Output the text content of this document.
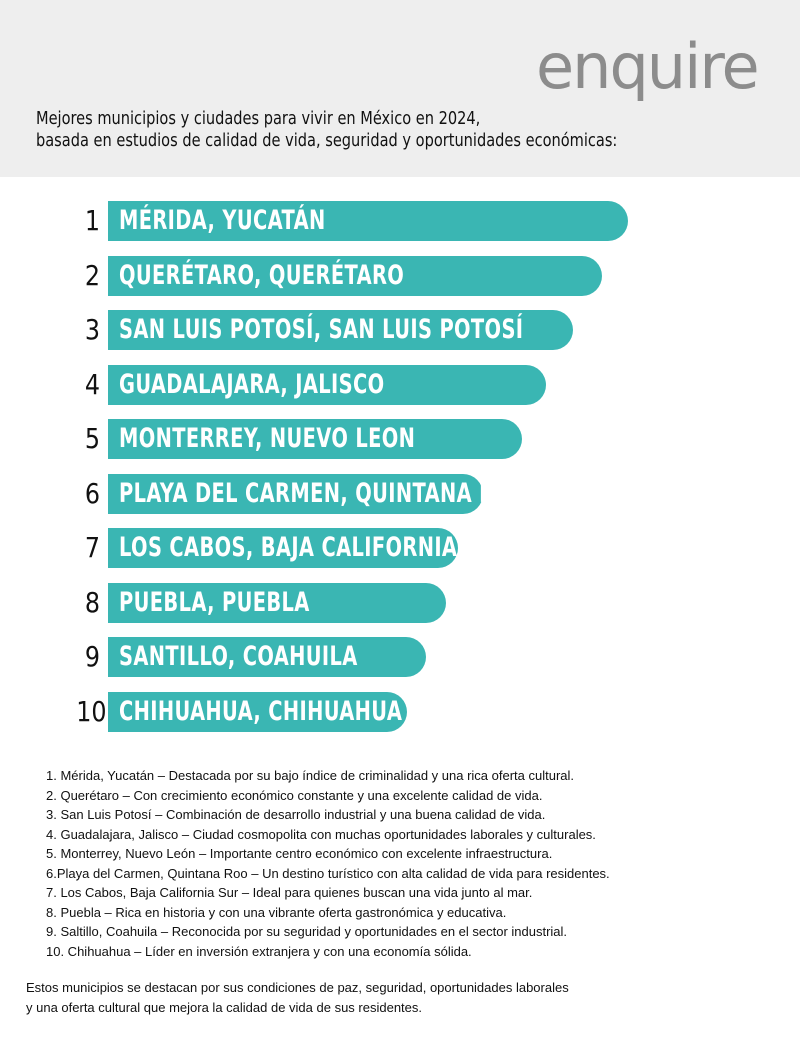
enquire
Mejores municipios y ciudades para vivir en México en 2024,
basada en estudios de calidad de vida, seguridad y oportunidades económicas:
1 MÉRIDA, YUCATÁN
2 QUERÉTARO, QUERÉTARO
3 SAN LUIS POTOSÍ, SAN LUIS POTOSÍ
4 GUADALAJARA, JALISCO
5 MONTERREY, NUEVO LEON
6 PLAYA DEL CARMEN, QUINTANA ROO
7 LOS CABOS, BAJA CALIFORNIA SUR
8 PUEBLA, PUEBLA
9 SANTILLO, COAHUILA
10 CHIHUAHUA, CHIHUAHUA
1. Mérida, Yucatán – Destacada por su bajo índice de criminalidad y una rica oferta cultural.
2. Querétaro – Con crecimiento económico constante y una excelente calidad de vida.
3. San Luis Potosí – Combinación de desarrollo industrial y una buena calidad de vida.
4. Guadalajara, Jalisco – Ciudad cosmopolita con muchas oportunidades laborales y culturales.
5. Monterrey, Nuevo León – Importante centro económico con excelente infraestructura.
6.Playa del Carmen, Quintana Roo – Un destino turístico con alta calidad de vida para residentes.
7. Los Cabos, Baja California Sur – Ideal para quienes buscan una vida junto al mar.
8. Puebla – Rica en historia y con una vibrante oferta gastronómica y educativa.
9. Saltillo, Coahuila – Reconocida por su seguridad y oportunidades en el sector industrial.
10. Chihuahua – Líder en inversión extranjera y con una economía sólida.
Estos municipios se destacan por sus condiciones de paz, seguridad, oportunidades laborales
y una oferta cultural que mejora la calidad de vida de sus residentes.
